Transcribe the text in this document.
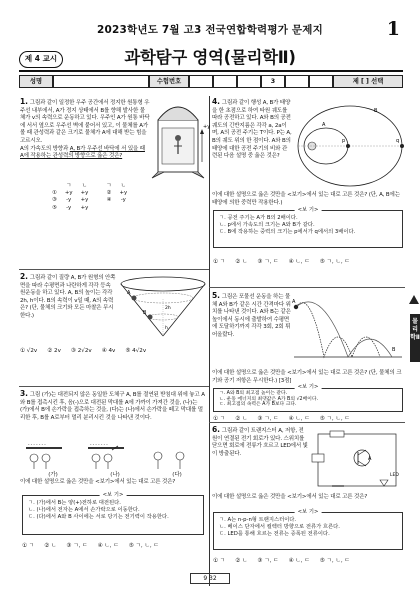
2023학년도 7월 고3 전국연합학력평가 문제지	1
제 4 교시	과학탐구 영역(물리학Ⅱ)
성명	수험번호	3	제 [ ] 선택

1. 그림과 같이 일정한 우주 공간에서 정지한 원통형 우주선 내부에서, A가 정지 상태에서 B를 향해 발사한 물체가 v의 속력으로 운동하고 있다. 우주인 A가 원통 바닥에 서서 옆으로 우주선 벽에 붙어서 있고, 이 물체를 A가 볼 때 관성력과 같은 크기로 물체가 A에 대해 받는 힘을 고르시오.

A의 가속도의 방향과 A, B가 우주선 바닥에 서 있을 때 A에 작용하는 관성력의 방향으로 옳은 것은?

+y
	ㄱ	ㄴ		ㄱ	ㄴ
①	+y	+y		②	+y
③	-y	+y		④	-y
⑤	-y	+y			

2. 그림과 같이 질량 A, B가 원형의 안쪽 면을 따라 수평면과 나란하게 각각 등속 원운동을 하고 있다. A, B의 높이는 각각 2h, h이다. B의 속력이 v일 때, A의 속력은? (단, 물체의 크기와 모든 마찰은 무시한다.)

A
B
2h
h
① √2v ② 2v ③ 2√2v ④ 4v ⑤ 4√2v

3. 그림 (가)는 대전되지 않은 동일한 도체구 A, B를 절연된 받침대 위에 놓고 A와 B를 접촉시킨 후, 음(-)으로 대전된 막대를 A에 가까이 가져간 것을, (나)는 (가)에서 B에 손가락을 접촉하는 것을, (다)는 (나)에서 손가락을 떼고 막대를 멀리한 후, B를 A로부터 멀리 분리시킨 것을 나타낸 것이다.

- - - - - - -	- - - - - - -
(가)	(나)	(다)
이에 대한 설명으로 옳은 것만을 <보기>에서 있는 대로 고른 것은?
<보 기>
ㄱ. (가)에서 B는 양(+)전하로 대전된다.
ㄴ. (나)에서 전자는 A에서 손가락으로 이동한다.
ㄷ. (다)에서 A와 B 사이에는 서로 당기는 전기력이 작용한다.
① ㄱ ② ㄴ ③ ㄱ, ㄷ ④ ㄴ, ㄷ ⑤ ㄱ, ㄴ, ㄷ

4. 그림과 같이 행성 A, B가 태양을 한 초점으로 하여 타원 궤도를 따라 공전하고 있다. A와 B의 공전 궤도의 긴반지름은 각각 a, 2a이며, A의 공전 주기는 T이다. P는 A, B의 궤도 위의 한 점이다. A와 B의 태양에 대한 공전 주기의 비와 관련된 다음 설명 중 옳은 것은?

p	q
A
B
이에 대한 설명으로 옳은 것만을 <보기>에서 있는 대로 고른 것은? (단, A, B에는 태양에 의한 중력만 작용한다.)
<보 기>
ㄱ. 공전 주기는 A가 B의 2배이다.
ㄴ. p에서 가속도의 크기는 A와 B가 같다.
ㄷ. B에 작용하는 중력의 크기는 p에서가 q에서의 3배이다.
① ㄱ ② ㄴ ③ ㄱ, ㄷ ④ ㄴ, ㄷ ⑤ ㄱ, ㄴ, ㄷ

5. 그림은 포물선 운동을 하는 물체 A와 B가 같은 시간 간격마다 위치를 나타낸 것이다. A와 B는 같은 높이에서 동시에 출발하여 수평면에 도달하기까지 각각 3회, 2회 튀어올랐다.

A
B
이에 대한 설명으로 옳은 것만을 <보기>에서 있는 대로 고른 것은? (단, 물체의 크기와 공기 저항은 무시한다.) [3점]
<보 기>
ㄱ. A와 B의 최고점 높이는 같다.
ㄴ. 운동 에너지의 최댓값은 A가 B의 √2배이다.
ㄷ. 최고점의 속력은 A가 B보다 크다.
① ㄱ ② ㄴ ③ ㄱ, ㄷ ④ ㄴ, ㄷ ⑤ ㄱ, ㄴ, ㄷ

6. 그림과 같이 트랜지스터 A, 저항, 전원이 연결된 전기 회로가 있다. 스위치를 닫으면 회로에 전류가 흐르고 LED에서 빛이 방출된다.

A
LED
이에 대한 설명으로 옳은 것만을 <보기>에서 있는 대로 고른 것은?
<보 기>
ㄱ. A는 n-p-n형 트랜지스터이다.
ㄴ. 베이스 단자에서 컬렉터 방향으로 전류가 흐른다.
ㄷ. LED를 통해 흐르는 전류는 증폭된 전류이다.
① ㄱ ② ㄴ ③ ㄱ, ㄷ ④ ㄴ, ㄷ ⑤ ㄱ, ㄴ, ㄷ
물리학Ⅱ
9 32
